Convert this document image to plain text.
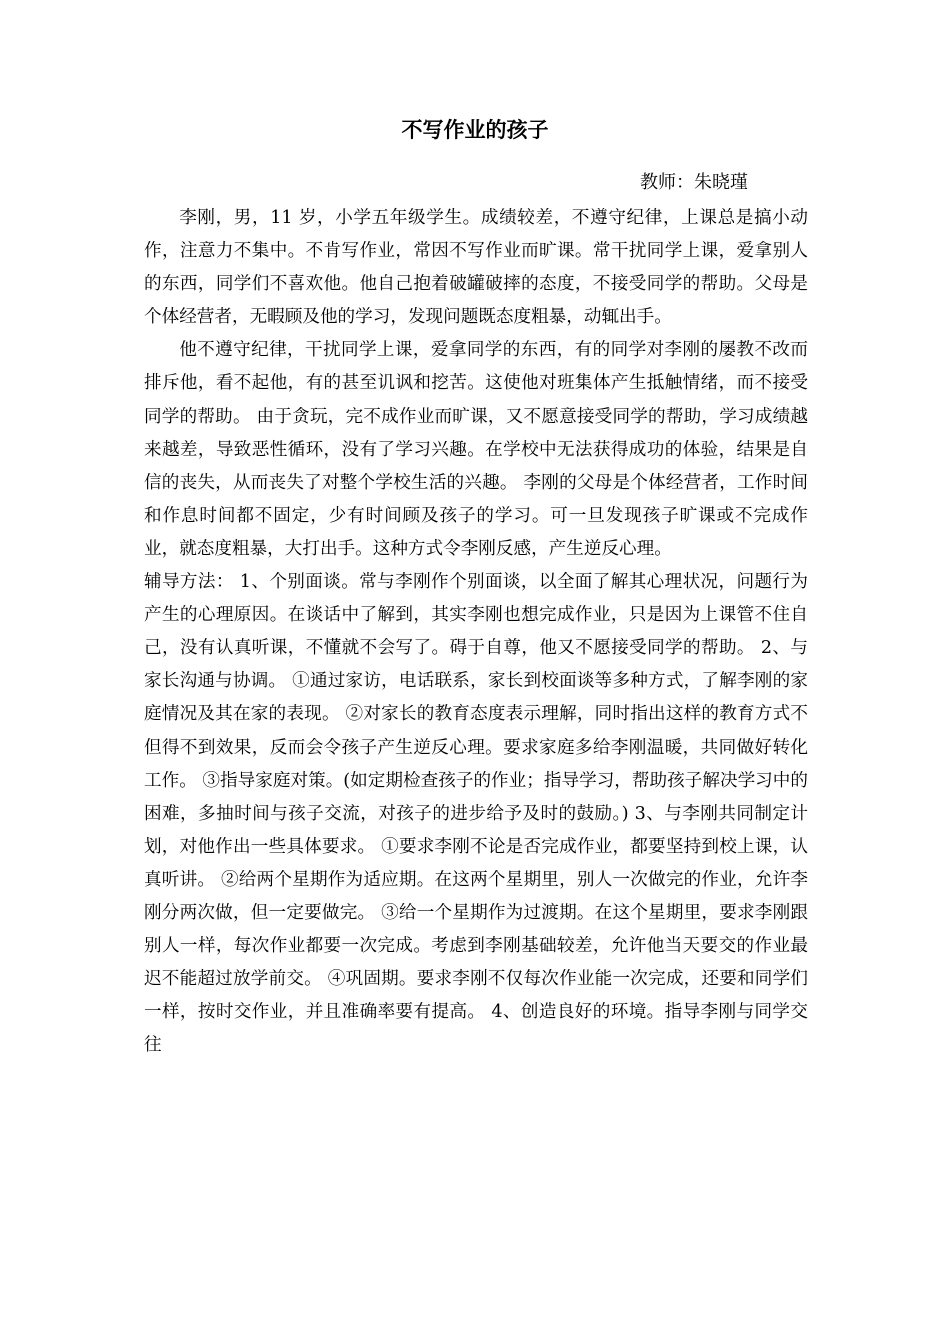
不写作业的孩子
教师：朱晓瑾

李刚，男，11 岁，小学五年级学生。成绩较差，不遵守纪律，上课总是搞小动作，注意力不集中。不肯写作业，常因不写作业而旷课。常干扰同学上课，爱拿别人的东西，同学们不喜欢他。他自己抱着破罐破摔的态度，不接受同学的帮助。父母是个体经营者，无暇顾及他的学习，发现问题既态度粗暴，动辄出手。

他不遵守纪律，干扰同学上课，爱拿同学的东西，有的同学对李刚的屡教不改而排斥他，看不起他，有的甚至讥讽和挖苦。这使他对班集体产生抵触情绪，而不接受同学的帮助。 由于贪玩，完不成作业而旷课，又不愿意接受同学的帮助，学习成绩越来越差，导致恶性循环，没有了学习兴趣。在学校中无法获得成功的体验，结果是自信的丧失，从而丧失了对整个学校生活的兴趣。 李刚的父母是个体经营者，工作时间和作息时间都不固定，少有时间顾及孩子的学习。可一旦发现孩子旷课或不完成作业，就态度粗暴，大打出手。这种方式令李刚反感，产生逆反心理。

辅导方法： 1、个别面谈。常与李刚作个别面谈，以全面了解其心理状况，问题行为产生的心理原因。在谈话中了解到，其实李刚也想完成作业，只是因为上课管不住自己，没有认真听课，不懂就不会写了。碍于自尊，他又不愿接受同学的帮助。 2、与家长沟通与协调。 ①通过家访，电话联系，家长到校面谈等多种方式，了解李刚的家庭情况及其在家的表现。 ②对家长的教育态度表示理解，同时指出这样的教育方式不但得不到效果，反而会令孩子产生逆反心理。要求家庭多给李刚温暖，共同做好转化工作。 ③指导家庭对策。(如定期检查孩子的作业；指导学习，帮助孩子解决学习中的困难，多抽时间与孩子交流，对孩子的进步给予及时的鼓励。) 3、与李刚共同制定计划，对他作出一些具体要求。 ①要求李刚不论是否完成作业，都要坚持到校上课，认真听讲。 ②给两个星期作为适应期。在这两个星期里，别人一次做完的作业，允许李刚分两次做，但一定要做完。 ③给一个星期作为过渡期。在这个星期里，要求李刚跟别人一样，每次作业都要一次完成。考虑到李刚基础较差，允许他当天要交的作业最迟不能超过放学前交。 ④巩固期。要求李刚不仅每次作业能一次完成，还要和同学们一样，按时交作业，并且准确率要有提高。 4、创造良好的环境。指导李刚与同学交往
